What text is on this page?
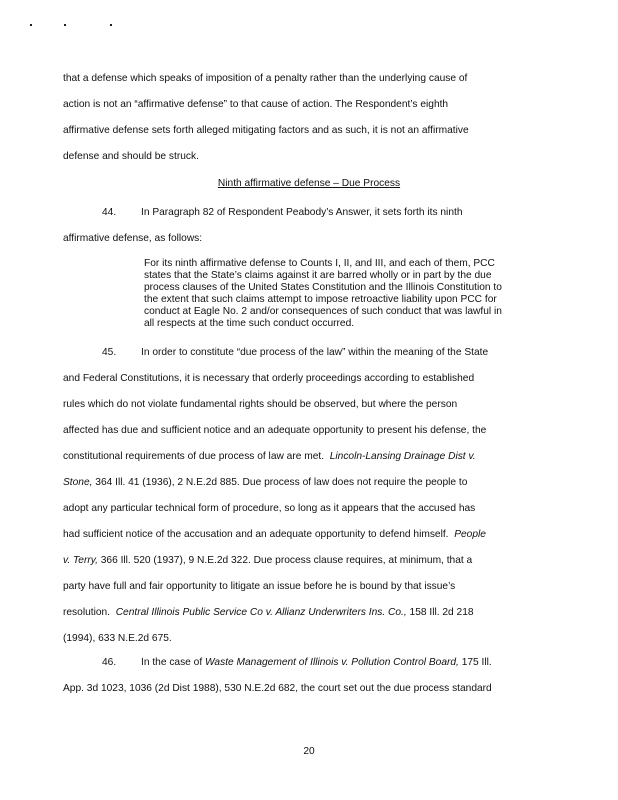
that a defense which speaks of imposition of a penalty rather than the underlying cause of
action is not an “affirmative defense” to that cause of action. The Respondent’s eighth
affirmative defense sets forth alleged mitigating factors and as such, it is not an affirmative
defense and should be struck.
Ninth affirmative defense – Due Process
44. In Paragraph 82 of Respondent Peabody’s Answer, it sets forth its ninth
affirmative defense, as follows:
For its ninth affirmative defense to Counts I, II, and III, and each of them, PCC
states that the State’s claims against it are barred wholly or in part by the due
process clauses of the United States Constitution and the Illinois Constitution to
the extent that such claims attempt to impose retroactive liability upon PCC for
conduct at Eagle No. 2 and/or consequences of such conduct that was lawful in
all respects at the time such conduct occurred.
45. In order to constitute “due process of the law” within the meaning of the State
and Federal Constitutions, it is necessary that orderly proceedings according to established
rules which do not violate fundamental rights should be observed, but where the person
affected has due and sufficient notice and an adequate opportunity to present his defense, the
constitutional requirements of due process of law are met. Lincoln-Lansing Drainage Dist v.
Stone, 364 Ill. 41 (1936), 2 N.E.2d 885. Due process of law does not require the people to
adopt any particular technical form of procedure, so long as it appears that the accused has
had sufficient notice of the accusation and an adequate opportunity to defend himself. People
v. Terry, 366 Ill. 520 (1937), 9 N.E.2d 322. Due process clause requires, at minimum, that a
party have full and fair opportunity to litigate an issue before he is bound by that issue’s
resolution. Central Illinois Public Service Co v. Allianz Underwriters Ins. Co., 158 Ill. 2d 218
(1994), 633 N.E.2d 675.
46. In the case of Waste Management of Illinois v. Pollution Control Board, 175 Ill.
App. 3d 1023, 1036 (2d Dist 1988), 530 N.E.2d 682, the court set out the due process standard
20
